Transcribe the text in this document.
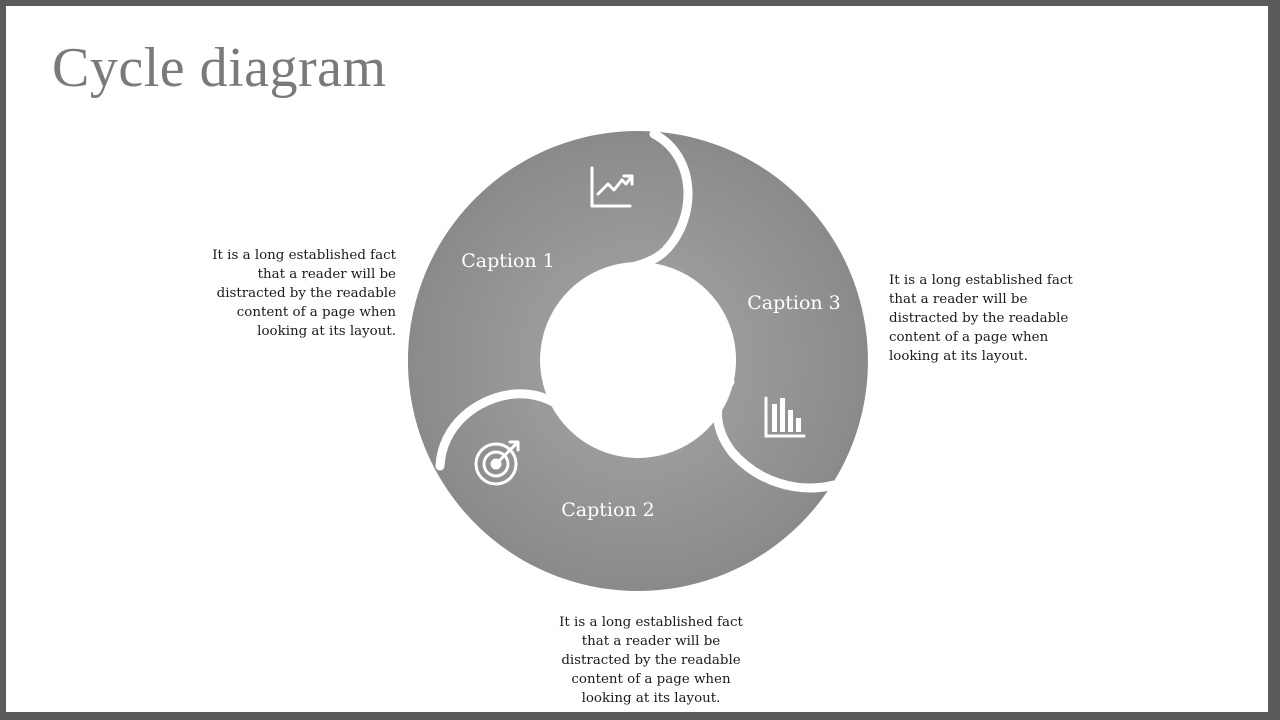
Cycle diagram
Caption 1
Caption 2
Caption 3
It is a long established fact that a reader will be distracted by the readable content of a page when looking at its layout.
It is a long established fact that a reader will be distracted by the readable content of a page when looking at its layout.
It is a long established fact that a reader will be distracted by the readable content of a page when looking at its layout.
